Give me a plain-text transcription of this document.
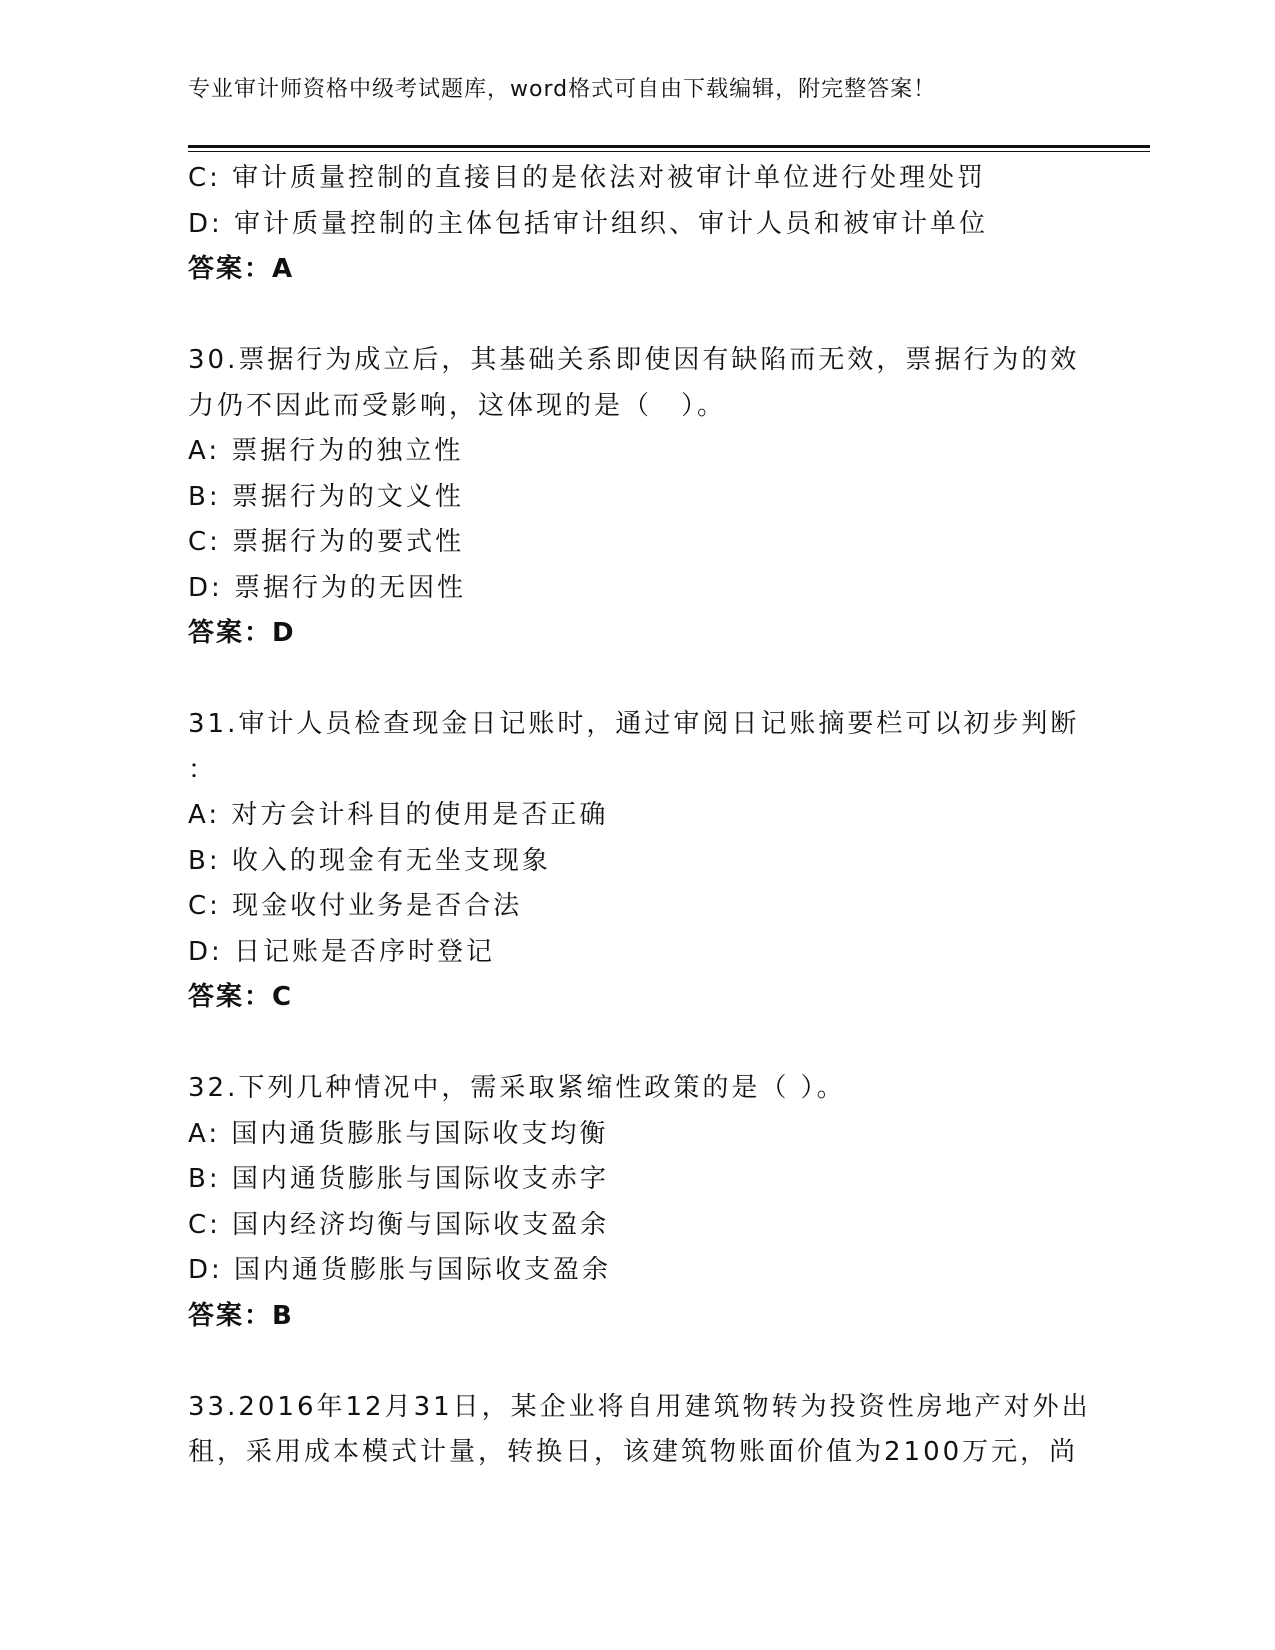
专业审计师资格中级考试题库，word格式可自由下载编辑，附完整答案！
C: 审计质量控制的直接目的是依法对被审计单位进行处理处罚
D: 审计质量控制的主体包括审计组织、审计人员和被审计单位
答案：A
30.票据行为成立后，其基础关系即使因有缺陷而无效，票据行为的效
力仍不因此而受影响，这体现的是（　）。
A: 票据行为的独立性
B: 票据行为的文义性
C: 票据行为的要式性
D: 票据行为的无因性
答案：D
31.审计人员检查现金日记账时，通过审阅日记账摘要栏可以初步判断
：
A: 对方会计科目的使用是否正确
B: 收入的现金有无坐支现象
C: 现金收付业务是否合法
D: 日记账是否序时登记
答案：C
32.下列几种情况中，需采取紧缩性政策的是（ ）。
A: 国内通货膨胀与国际收支均衡
B: 国内通货膨胀与国际收支赤字
C: 国内经济均衡与国际收支盈余
D: 国内通货膨胀与国际收支盈余
答案：B
33.2016年12月31日，某企业将自用建筑物转为投资性房地产对外出
租，采用成本模式计量，转换日，该建筑物账面价值为2100万元，尚
